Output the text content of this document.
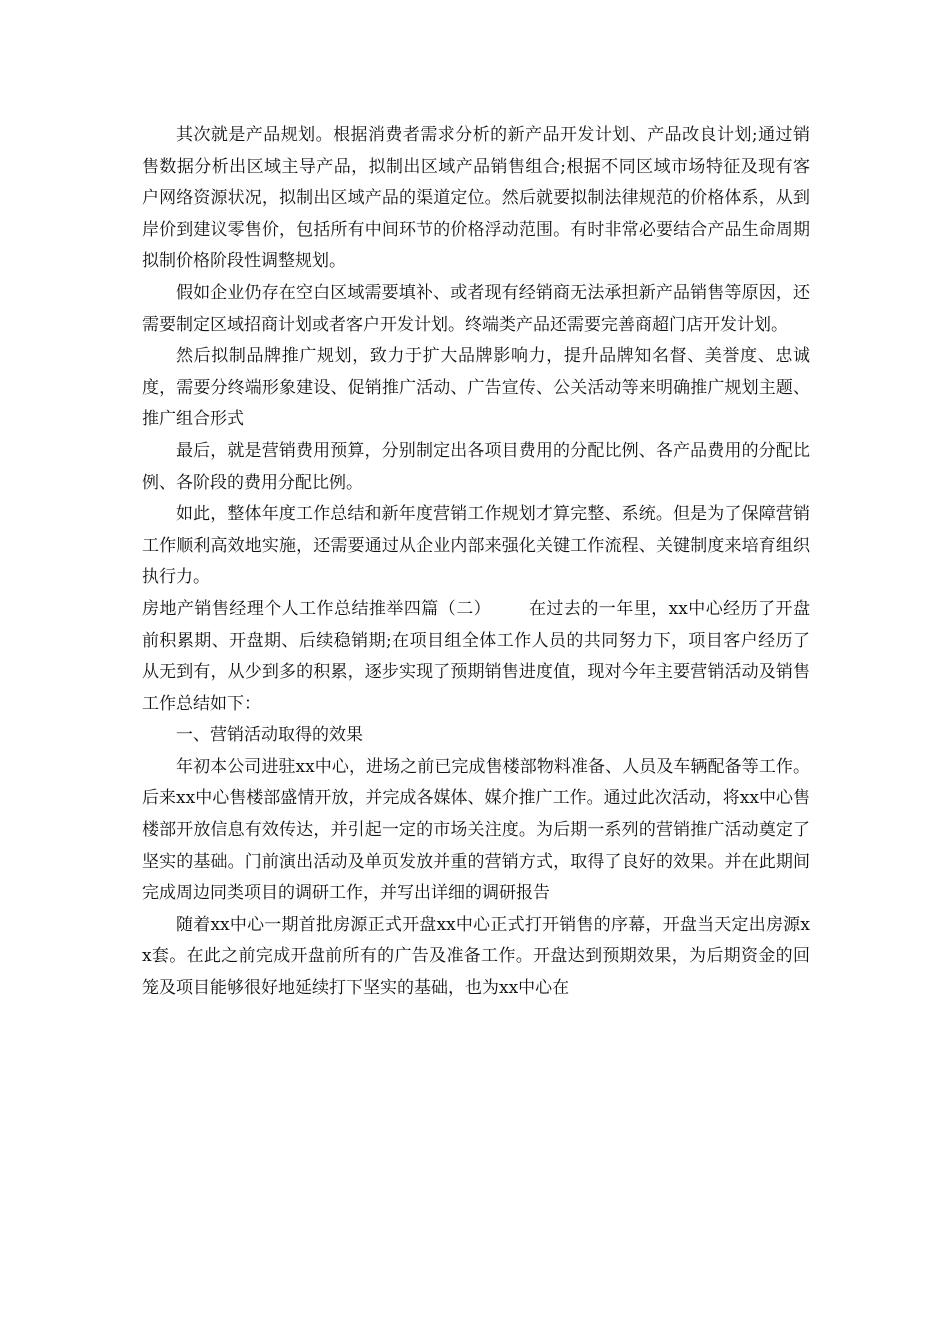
其次就是产品规划。根据消费者需求分析的新产品开发计划、产品改良计划;通过销售数据分析出区域主导产品，拟制出区域产品销售组合;根据不同区域市场特征及现有客户网络资源状况，拟制出区域产品的渠道定位。然后就要拟制法律规范的价格体系，从到岸价到建议零售价，包括所有中间环节的价格浮动范围。有时非常必要结合产品生命周期拟制价格阶段性调整规划。

假如企业仍存在空白区域需要填补、或者现有经销商无法承担新产品销售等原因，还需要制定区域招商计划或者客户开发计划。终端类产品还需要完善商超门店开发计划。

然后拟制品牌推广规划，致力于扩大品牌影响力，提升品牌知名督、美誉度、忠诚度，需要分终端形象建设、促销推广活动、广告宣传、公关活动等来明确推广规划主题、推广组合形式

最后，就是营销费用预算，分别制定出各项目费用的分配比例、各产品费用的分配比例、各阶段的费用分配比例。

如此，整体年度工作总结和新年度营销工作规划才算完整、系统。但是为了保障营销工作顺利高效地实施，还需要通过从企业内部来强化关键工作流程、关键制度来培育组织执行力。

房地产销售经理个人工作总结推举四篇（二） 在过去的一年里，xx中心经历了开盘前积累期、开盘期、后续稳销期;在项目组全体工作人员的共同努力下，项目客户经历了从无到有，从少到多的积累，逐步实现了预期销售进度值，现对今年主要营销活动及销售工作总结如下：

一、营销活动取得的效果

年初本公司进驻xx中心，进场之前已完成售楼部物料准备、人员及车辆配备等工作。后来xx中心售楼部盛情开放，并完成各媒体、媒介推广工作。通过此次活动，将xx中心售楼部开放信息有效传达，并引起一定的市场关注度。为后期一系列的营销推广活动奠定了坚实的基础。门前演出活动及单页发放并重的营销方式，取得了良好的效果。并在此期间完成周边同类项目的调研工作，并写出详细的调研报告

随着xx中心一期首批房源正式开盘xx中心正式打开销售的序幕，开盘当天定出房源xx套。在此之前完成开盘前所有的广告及准备工作。开盘达到预期效果，为后期资金的回笼及项目能够很好地延续打下坚实的基础，也为xx中心在
